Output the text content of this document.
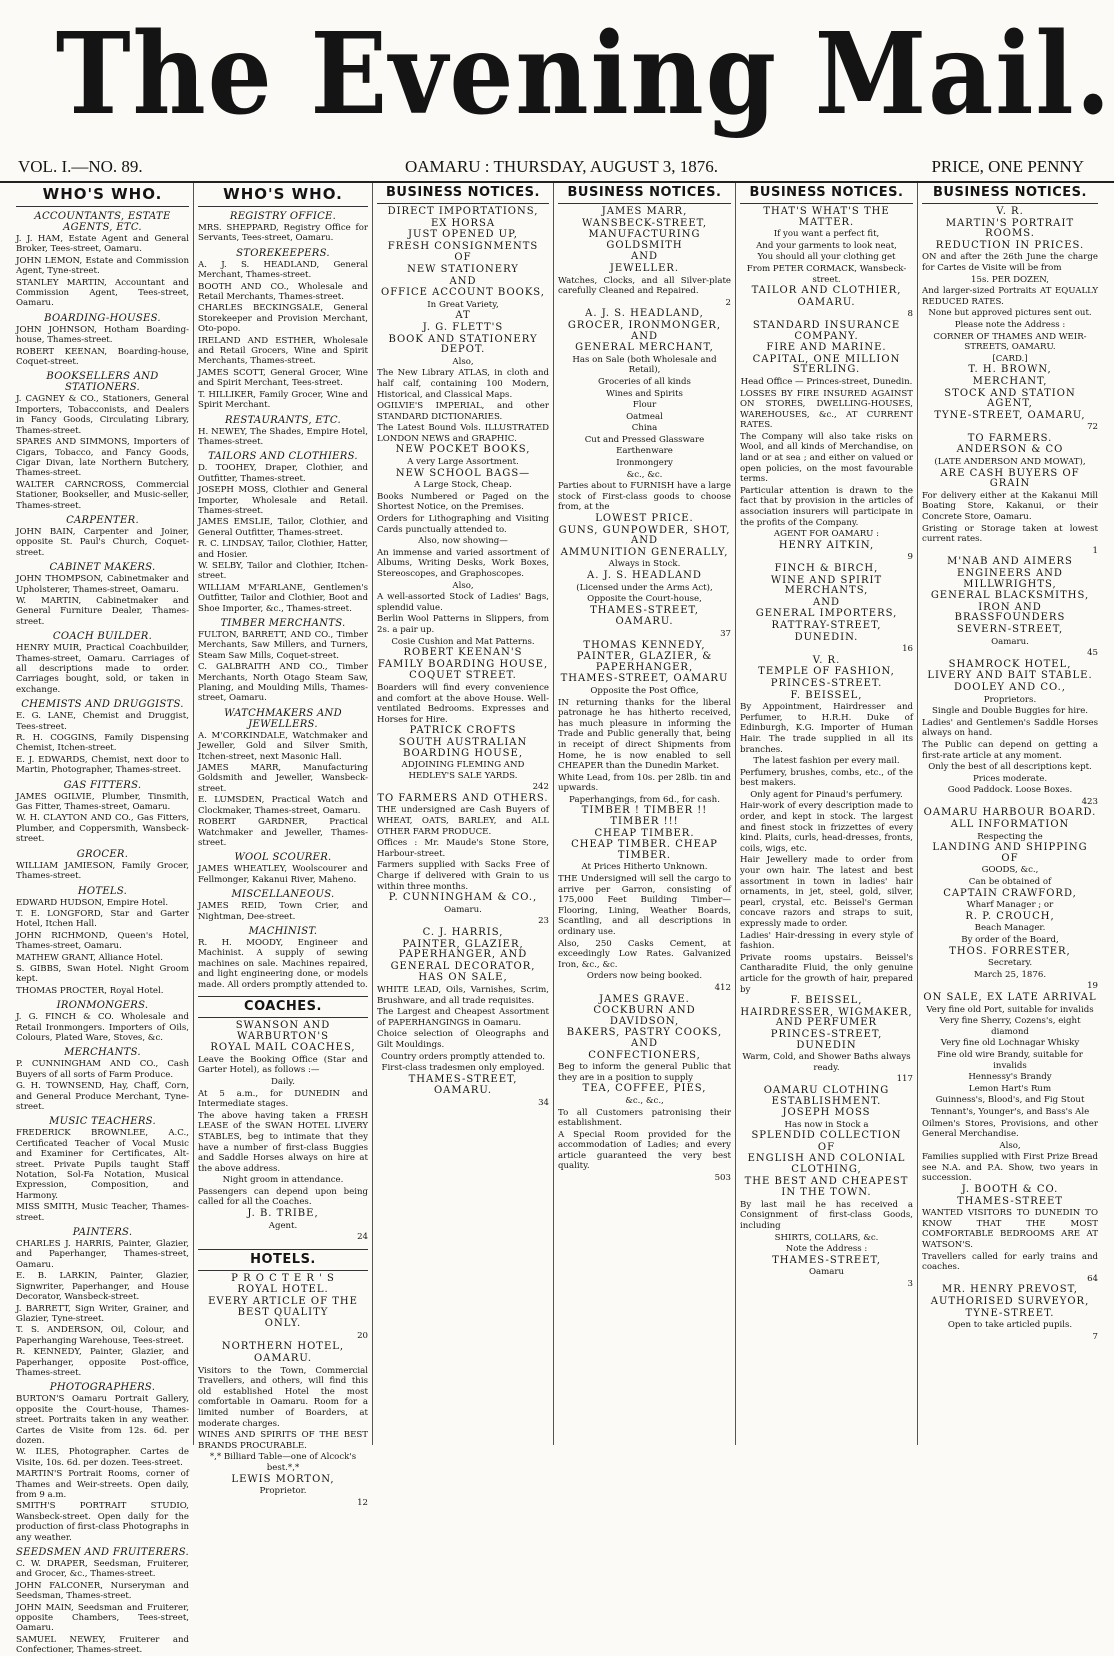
The Evening Mail.
VOL. I.—NO. 89.	OAMARU : THURSDAY, AUGUST 3, 1876.	PRICE, ONE PENNY
WHO'S WHO.
ACCOUNTANTS, ESTATE AGENTS, ETC.

J. J. HAM, Estate Agent and General Broker, Tees-street, Oamaru.

JOHN LEMON, Estate and Commission Agent, Tyne-street.

STANLEY MARTIN, Accountant and Commission Agent, Tees-street, Oamaru.

BOARDING-HOUSES.

JOHN JOHNSON, Hotham Boarding-house, Thames-street.

ROBERT KEENAN, Boarding-house, Coquet-street.

BOOKSELLERS AND STATIONERS.

J. CAGNEY & CO., Stationers, General Importers, Tobacconists, and Dealers in Fancy Goods, Circulating Library, Thames-street.

SPARES AND SIMMONS, Importers of Cigars, Tobacco, and Fancy Goods, Cigar Divan, late Northern Butchery, Thames-street.

WALTER CARNCROSS, Commercial Stationer, Bookseller, and Music-seller, Thames-street.

CARPENTER.

JOHN BAIN, Carpenter and Joiner, opposite St. Paul's Church, Coquet-street.

CABINET MAKERS.

JOHN THOMPSON, Cabinetmaker and Upholsterer, Thames-street, Oamaru.

W. MARTIN, Cabinetmaker and General Furniture Dealer, Thames-street.

COACH BUILDER.

HENRY MUIR, Practical Coachbuilder, Thames-street, Oamaru. Carriages of all descriptions made to order. Carriages bought, sold, or taken in exchange.

CHEMISTS AND DRUGGISTS.

E. G. LANE, Chemist and Druggist, Tees-street.

R. H. COGGINS, Family Dispensing Chemist, Itchen-street.

E. J. EDWARDS, Chemist, next door to Martin, Photographer, Thames-street.

GAS FITTERS.

JAMES OGILVIE, Plumber, Tinsmith, Gas Fitter, Thames-street, Oamaru.

W. H. CLAYTON AND CO., Gas Fitters, Plumber, and Coppersmith, Wansbeck-street.

GROCER.

WILLIAM JAMIESON, Family Grocer, Thames-street.

HOTELS.

EDWARD HUDSON, Empire Hotel.

T. E. LONGFORD, Star and Garter Hotel, Itchen Hall.

JOHN RICHMOND, Queen's Hotel, Thames-street, Oamaru.

MATHEW GRANT, Alliance Hotel.

S. GIBBS, Swan Hotel. Night Groom kept.

THOMAS PROCTER, Royal Hotel.

IRONMONGERS.

J. G. FINCH & CO. Wholesale and Retail Ironmongers. Importers of Oils, Colours, Plated Ware, Stoves, &c.

MERCHANTS.

P. CUNNINGHAM AND CO., Cash Buyers of all sorts of Farm Produce.

G. H. TOWNSEND, Hay, Chaff, Corn, and General Produce Merchant, Tyne-street.

MUSIC TEACHERS.

FREDERICK BROWNLEE, A.C., Certificated Teacher of Vocal Music and Examiner for Certificates, Alt-street. Private Pupils taught Staff Notation, Sol-Fa Notation, Musical Expression, Composition, and Harmony.

MISS SMITH, Music Teacher, Thames-street.

PAINTERS.

CHARLES J. HARRIS, Painter, Glazier, and Paperhanger, Thames-street, Oamaru.

E. B. LARKIN, Painter, Glazier, Signwriter, Paperhanger, and House Decorator, Wansbeck-street.

J. BARRETT, Sign Writer, Grainer, and Glazier, Tyne-street.

T. S. ANDERSON, Oil, Colour, and Paperhanging Warehouse, Tees-street.

R. KENNEDY, Painter, Glazier, and Paperhanger, opposite Post-office, Thames-street.

PHOTOGRAPHERS.

BURTON'S Oamaru Portrait Gallery, opposite the Court-house, Thames-street. Portraits taken in any weather. Cartes de Visite from 12s. 6d. per dozen.

W. ILES, Photographer. Cartes de Visite, 10s. 6d. per dozen. Tees-street.

MARTIN'S Portrait Rooms, corner of Thames and Weir-streets. Open daily, from 9 a.m.

SMITH'S PORTRAIT STUDIO, Wansbeck-street. Open daily for the production of first-class Photographs in any weather.

SEEDSMEN AND FRUITERERS.

C. W. DRAPER, Seedsman, Fruiterer, and Grocer, &c., Thames-street.

JOHN FALCONER, Nurseryman and Seedsman, Thames-street.

JOHN MAIN, Seedsman and Fruiterer, opposite Chambers, Tees-street, Oamaru.

SAMUEL NEWEY, Fruiterer and Confectioner, Thames-street.

WHO'S WHO.
REGISTRY OFFICE.

MRS. SHEPPARD, Registry Office for Servants, Tees-street, Oamaru.

STOREKEEPERS.

A. J. S. HEADLAND, General Merchant, Thames-street.

BOOTH AND CO., Wholesale and Retail Merchants, Thames-street.

CHARLES BECKINGSALE, General Storekeeper and Provision Merchant, Oto-popo.

IRELAND AND ESTHER, Wholesale and Retail Grocers, Wine and Spirit Merchants, Thames-street.

JAMES SCOTT, General Grocer, Wine and Spirit Merchant, Tees-street.

T. HILLIKER, Family Grocer, Wine and Spirit Merchant.

RESTAURANTS, ETC.

H. NEWEY, The Shades, Empire Hotel, Thames-street.

TAILORS AND CLOTHIERS.

D. TOOHEY, Draper, Clothier, and Outfitter, Thames-street.

JOSEPH MOSS, Clothier and General Importer, Wholesale and Retail. Thames-street.

JAMES EMSLIE, Tailor, Clothier, and General Outfitter, Thames-street.

R. C. LINDSAY, Tailor, Clothier, Hatter, and Hosier.

W. SELBY, Tailor and Clothier, Itchen-street.

WILLIAM M'FARLANE, Gentlemen's Outfitter, Tailor and Clothier, Boot and Shoe Importer, &c., Thames-street.

TIMBER MERCHANTS.

FULTON, BARRETT, AND CO., Timber Merchants, Saw Millers, and Turners, Steam Saw Mills, Coquet-street.

C. GALBRAITH AND CO., Timber Merchants, North Otago Steam Saw, Planing, and Moulding Mills, Thames-street, Oamaru.

WATCHMAKERS AND JEWELLERS.

A. M'CORKINDALE, Watchmaker and Jeweller, Gold and Silver Smith, Itchen-street, next Masonic Hall.

JAMES MARR, Manufacturing Goldsmith and Jeweller, Wansbeck-street.

E. LUMSDEN, Practical Watch and Clockmaker, Thames-street, Oamaru.

ROBERT GARDNER, Practical Watchmaker and Jeweller, Thames-street.

WOOL SCOURER.

JAMES WHEATLEY, Woolscourer and Fellmonger, Kakanui River, Maheno.

MISCELLANEOUS.

JAMES REID, Town Crier, and Nightman, Dee-street.

MACHINIST.

R. H. MOODY, Engineer and Machinist. A supply of sewing machines on sale. Machines repaired, and light engineering done, or models made. All orders promptly attended to.

COACHES.

SWANSON AND WARBURTON'S

ROYAL MAIL COACHES,

Leave the Booking Office (Star and Garter Hotel), as follows :—

Daily.

At 5 a.m., for DUNEDIN and Intermediate stages.

The above having taken a FRESH LEASE of the SWAN HOTEL LIVERY STABLES, beg to intimate that they have a number of first-class Buggies and Saddle Horses always on hire at the above address.

Night groom in attendance.

Passengers can depend upon being called for all the Coaches.

J. B. TRIBE,

Agent.

24

HOTELS.

P R O C T E R ' S

ROYAL HOTEL.

EVERY ARTICLE OF THE BEST QUALITY

ONLY.

20

NORTHERN HOTEL,

OAMARU.

Visitors to the Town, Commercial Travellers, and others, will find this old established Hotel the most comfortable in Oamaru. Room for a limited number of Boarders, at moderate charges.

WINES AND SPIRITS OF THE BEST BRANDS PROCURABLE.

*,* Billiard Table—one of Alcock's best.*,*

LEWIS MORTON,

Proprietor.

12

BUSINESS NOTICES.

DIRECT IMPORTATIONS,

EX HORSA

JUST OPENED UP,

FRESH CONSIGNMENTS

OF

NEW STATIONERY

AND

OFFICE ACCOUNT BOOKS,

In Great Variety,

AT

J. G. FLETT'S

BOOK AND STATIONERY DEPOT.

Also,

The New Library ATLAS, in cloth and half calf, containing 100 Modern, Historical, and Classical Maps.

OGILVIE'S IMPERIAL, and other STANDARD DICTIONARIES.

The Latest Bound Vols. ILLUSTRATED LONDON NEWS and GRAPHIC.

NEW POCKET BOOKS,

A very Large Assortment.

NEW SCHOOL BAGS—

A Large Stock, Cheap.

Books Numbered or Paged on the Shortest Notice, on the Premises.

Orders for Lithographing and Visiting Cards punctually attended to.

Also, now showing—

An immense and varied assortment of Albums, Writing Desks, Work Boxes, Stereoscopes, and Graphoscopes.

Also,

A well-assorted Stock of Ladies' Bags, splendid value.

Berlin Wool Patterns in Slippers, from 2s. a pair up.

Cosie Cushion and Mat Patterns.

ROBERT KEENAN'S

FAMILY BOARDING HOUSE,

COQUET STREET.

Boarders will find every convenience and comfort at the above House. Well-ventilated Bedrooms. Expresses and Horses for Hire.

PATRICK CROFTS

SOUTH AUSTRALIAN BOARDING HOUSE,

ADJOINING FLEMING AND HEDLEY'S SALE YARDS.

242

TO FARMERS AND OTHERS.

THE undersigned are Cash Buyers of WHEAT, OATS, BARLEY, and ALL OTHER FARM PRODUCE.

Offices : Mr. Maude's Stone Store, Harbour-street.

Farmers supplied with Sacks Free of Charge if delivered with Grain to us within three months.

P. CUNNINGHAM & CO.,

Oamaru.

23

C. J. HARRIS,

PAINTER, GLAZIER, PAPERHANGER, AND

GENERAL DECORATOR,

HAS ON SALE,

WHITE LEAD, Oils, Varnishes, Scrim, Brushware, and all trade requisites.

The Largest and Cheapest Assortment of PAPERHANGINGS in Oamaru.

Choice selection of Oleographs and Gilt Mouldings.

Country orders promptly attended to.

First-class tradesmen only employed.

THAMES-STREET,

OAMARU.

34

BUSINESS NOTICES.

JAMES MARR,

WANSBECK-STREET,

MANUFACTURING GOLDSMITH

AND

JEWELLER.

Watches, Clocks, and all Silver-plate carefully Cleaned and Repaired.

2

A. J. S. HEADLAND,

GROCER, IRONMONGER, AND

GENERAL MERCHANT,

Has on Sale (both Wholesale and Retail),

Groceries of all kinds

Wines and Spirits

Flour

Oatmeal

China

Cut and Pressed Glassware

Earthenware

Ironmongery

&c., &c.

Parties about to FURNISH have a large stock of First-class goods to choose from, at the

LOWEST PRICE.

GUNS, GUNPOWDER, SHOT, AND

AMMUNITION GENERALLY,

Always in Stock.

A. J. S. HEADLAND

(Licensed under the Arms Act),

Opposite the Court-house,

THAMES-STREET,

OAMARU.

37

THOMAS KENNEDY,

PAINTER, GLAZIER, & PAPERHANGER,

THAMES-STREET, OAMARU

Opposite the Post Office,

IN returning thanks for the liberal patronage he has hitherto received, has much pleasure in informing the Trade and Public generally that, being in receipt of direct Shipments from Home, he is now enabled to sell CHEAPER than the Dunedin Market.

White Lead, from 10s. per 28lb. tin and upwards.

Paperhangings, from 6d., for cash.

TIMBER ! TIMBER !! TIMBER !!!

CHEAP TIMBER.

CHEAP TIMBER. CHEAP TIMBER.

At Prices Hitherto Unknown.

THE Undersigned will sell the cargo to arrive per Garron, consisting of 175,000 Feet Building Timber—Flooring, Lining, Weather Boards, Scantling, and all descriptions in ordinary use.

Also, 250 Casks Cement, at exceedingly Low Rates. Galvanized Iron, &c., &c.

Orders now being booked.

412

JAMES GRAVE.

COCKBURN AND DAVIDSON,

BAKERS, PASTRY COOKS, AND

CONFECTIONERS,

Beg to inform the general Public that they are in a position to supply

TEA, COFFEE, PIES,

&c., &c.,

To all Customers patronising their establishment.

A Special Room provided for the accommodation of Ladies; and every article guaranteed the very best quality.

503

BUSINESS NOTICES.

THAT'S WHAT'S THE MATTER.

If you want a perfect fit,

And your garments to look neat,

You should all your clothing get

From PETER CORMACK, Wansbeck-street.

TAILOR AND CLOTHIER,

OAMARU.

8

STANDARD INSURANCE COMPANY.

FIRE AND MARINE.

CAPITAL, ONE MILLION STERLING.

Head Office — Princes-street, Dunedin.

LOSSES BY FIRE INSURED AGAINST ON STORES, DWELLING-HOUSES, WAREHOUSES, &c., AT CURRENT RATES.

The Company will also take risks on Wool, and all kinds of Merchandise, on land or at sea ; and either on valued or open policies, on the most favourable terms.

Particular attention is drawn to the fact that by provision in the articles of association insurers will participate in the profits of the Company.

AGENT FOR OAMARU :

HENRY AITKIN,

9

FINCH & BIRCH,

WINE AND SPIRIT MERCHANTS,

AND

GENERAL IMPORTERS,

RATTRAY-STREET,

DUNEDIN.

16

V. R.

TEMPLE OF FASHION,

PRINCES-STREET.

F. BEISSEL,

By Appointment, Hairdresser and Perfumer, to H.R.H. Duke of Edinburgh, K.G. Importer of Human Hair. The trade supplied in all its branches.

The latest fashion per every mail.

Perfumery, brushes, combs, etc., of the best makers.

Only agent for Pinaud's perfumery.

Hair-work of every description made to order, and kept in stock. The largest and finest stock in frizzettes of every kind. Plaits, curls, head-dresses, fronts, coils, wigs, etc.

Hair Jewellery made to order from your own hair. The latest and best assortment in town in ladies' hair ornaments, in jet, steel, gold, silver, pearl, crystal, etc. Beissel's German concave razors and straps to suit, expressly made to order.

Ladies' Hair-dressing in every style of fashion.

Private rooms upstairs. Beissel's Cantharadite Fluid, the only genuine article for the growth of hair, prepared by

F. BEISSEL,

HAIRDRESSER, WIGMAKER, AND PERFUMER

PRINCES-STREET, DUNEDIN

Warm, Cold, and Shower Baths always ready.

117

OAMARU CLOTHING ESTABLISHMENT.

JOSEPH MOSS

Has now in Stock a

SPLENDID COLLECTION

OF

ENGLISH AND COLONIAL CLOTHING,

THE BEST AND CHEAPEST

IN THE TOWN.

By last mail he has received a Consignment of first-class Goods, including

SHIRTS, COLLARS, &c.

Note the Address :

THAMES-STREET,

Oamaru

3

BUSINESS NOTICES.

V. R.

MARTIN'S PORTRAIT ROOMS.

REDUCTION IN PRICES.

ON and after the 26th June the charge for Cartes de Visite will be from

15s. PER DOZEN,

And larger-sized Portraits AT EQUALLY REDUCED RATES.

None but approved pictures sent out.

Please note the Address :

CORNER OF THAMES AND WEIR-STREETS, OAMARU.

[CARD.]

T. H. BROWN,

MERCHANT,

STOCK AND STATION AGENT,

TYNE-STREET, OAMARU,

72

TO FARMERS.

ANDERSON & CO

(LATE ANDERSON AND MOWAT),

ARE CASH BUYERS OF GRAIN

For delivery either at the Kakanui Mill Boating Store, Kakanui, or their Concrete Store, Oamaru.

Gristing or Storage taken at lowest current rates.

1

M'NAB AND AIMERS

ENGINEERS AND MILLWRIGHTS,

GENERAL BLACKSMITHS,

IRON AND BRASSFOUNDERS

SEVERN-STREET,

Oamaru.

45

SHAMROCK HOTEL,

LIVERY AND BAIT STABLE.

DOOLEY AND CO.,

Proprietors.

Single and Double Buggies for hire.

Ladies' and Gentlemen's Saddle Horses always on hand.

The Public can depend on getting a first-rate article at any moment.

Only the best of all descriptions kept.

Prices moderate.

Good Paddock. Loose Boxes.

423

OAMARU HARBOUR BOARD.

ALL INFORMATION

Respecting the

LANDING AND SHIPPING OF

GOODS, &c.,

Can be obtained of

CAPTAIN CRAWFORD,

Wharf Manager ; or

R. P. CROUCH,

Beach Manager.

By order of the Board,

THOS. FORRESTER,

Secretary.

March 25, 1876.

19

ON SALE, EX LATE ARRIVAL

Very fine old Port, suitable for invalids

Very fine Sherry, Cozens's, eight diamond

Very fine old Lochnagar Whisky

Fine old wire Brandy, suitable for invalids

Hennessy's Brandy

Lemon Hart's Rum

Guinness's, Blood's, and Fig Stout

Tennant's, Younger's, and Bass's Ale

Oilmen's Stores, Provisions, and other General Merchandise.

Also,

Families supplied with First Prize Bread see N.A. and P.A. Show, two years in succession.

J. BOOTH & CO.

THAMES-STREET

WANTED VISITORS TO DUNEDIN TO KNOW THAT THE MOST COMFORTABLE BEDROOMS ARE AT WATSON'S.

Travellers called for early trains and coaches.

64

MR. HENRY PREVOST,

AUTHORISED SURVEYOR,

TYNE-STREET.

Open to take articled pupils.

7
